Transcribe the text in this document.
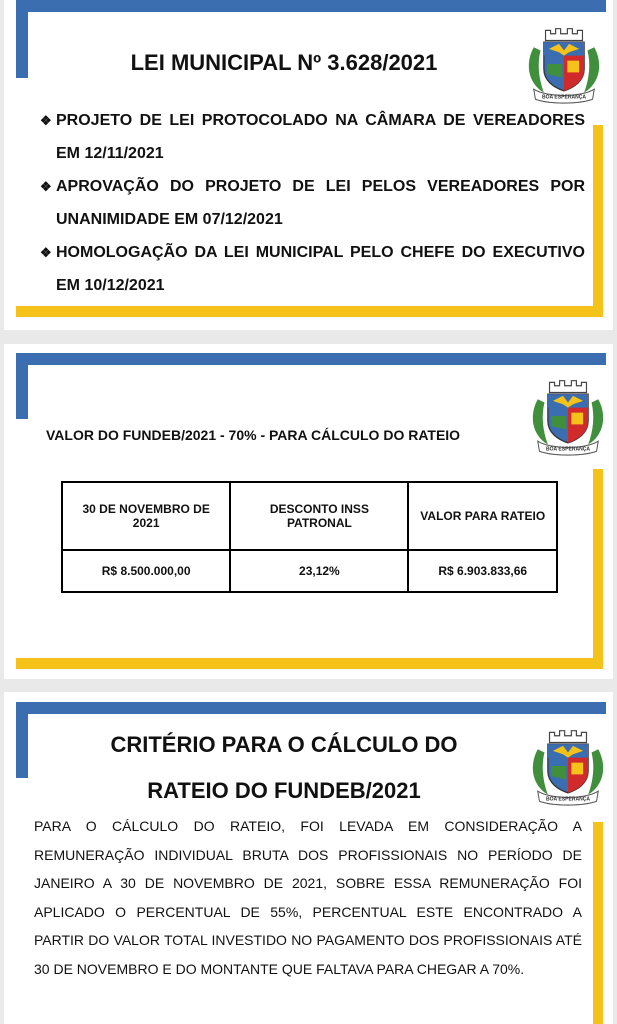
LEI MUNICIPAL Nº 3.628/2021
❖ PROJETO DE LEI PROTOCOLADO NA CÂMARA DE VEREADORES EM 12/11/2021
❖ APROVAÇÃO DO PROJETO DE LEI PELOS VEREADORES POR UNANIMIDADE EM 07/12/2021
❖ HOMOLOGAÇÃO DA LEI MUNICIPAL PELO CHEFE DO EXECUTIVO EM 10/12/2021
VALOR DO FUNDEB/2021 - 70% - PARA CÁLCULO DO RATEIO
30 DE NOVEMBRO DE 2021	DESCONTO INSS PATRONAL	VALOR PARA RATEIO
R$ 8.500.000,00	23,12%	R$ 6.903.833,66
CRITÉRIO PARA O CÁLCULO DO
RATEIO DO FUNDEB/2021
PARA O CÁLCULO DO RATEIO, FOI LEVADA EM CONSIDERAÇÃO A REMUNERAÇÃO INDIVIDUAL BRUTA DOS PROFISSIONAIS NO PERÍODO DE JANEIRO A 30 DE NOVEMBRO DE 2021, SOBRE ESSA REMUNERAÇÃO FOI APLICADO O PERCENTUAL DE 55%, PERCENTUAL ESTE ENCONTRADO A PARTIR DO VALOR TOTAL INVESTIDO NO PAGAMENTO DOS PROFISSIONAIS ATÉ 30 DE NOVEMBRO E DO MONTANTE QUE FALTAVA PARA CHEGAR A 70%.
